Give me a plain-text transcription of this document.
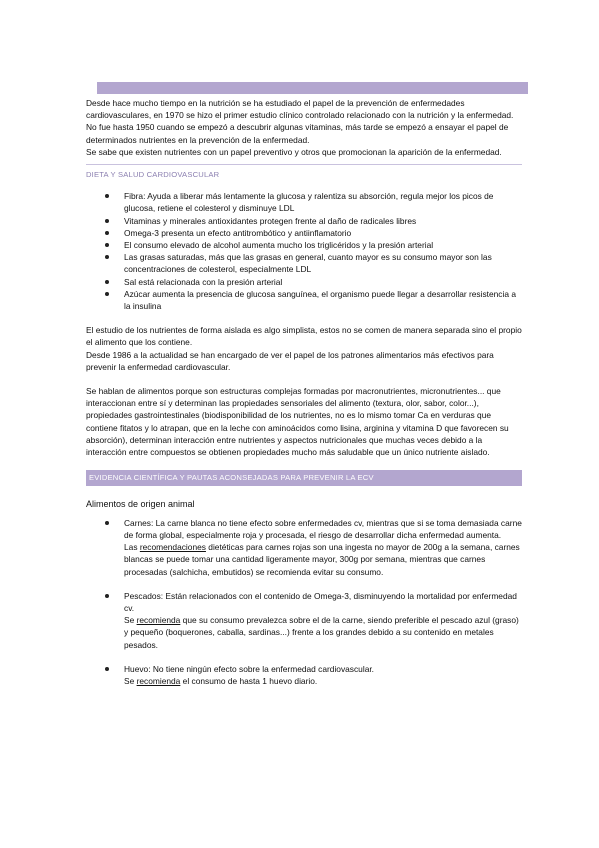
Desde hace mucho tiempo en la nutrición se ha estudiado el papel de la prevención de enfermedades cardiovasculares, en 1970 se hizo el primer estudio clínico controlado relacionado con la nutrición y la enfermedad.

No fue hasta 1950 cuando se empezó a descubrir algunas vitaminas, más tarde se empezó a ensayar el papel de determinados nutrientes en la prevención de la enfermedad.

Se sabe que existen nutrientes con un papel preventivo y otros que promocionan la aparición de la enfermedad.

DIETA Y SALUD CARDIOVASCULAR
Fibra: Ayuda a liberar más lentamente la glucosa y ralentiza su absorción, regula mejor los picos de glucosa, retiene el colesterol y disminuye LDL
Vitaminas y minerales antioxidantes protegen frente al daño de radicales libres
Omega-3 presenta un efecto antitrombótico y antiinflamatorio
El consumo elevado de alcohol aumenta mucho los triglicéridos y la presión arterial
Las grasas saturadas, más que las grasas en general, cuanto mayor es su consumo mayor son las concentraciones de colesterol, especialmente LDL
Sal está relacionada con la presión arterial
Azúcar aumenta la presencia de glucosa sanguínea, el organismo puede llegar a desarrollar resistencia a la insulina

El estudio de los nutrientes de forma aislada es algo simplista, estos no se comen de manera separada sino el propio el alimento que los contiene.

Desde 1986 a la actualidad se han encargado de ver el papel de los patrones alimentarios más efectivos para prevenir la enfermedad cardiovascular.

Se hablan de alimentos porque son estructuras complejas formadas por macronutrientes, micronutrientes... que interaccionan entre sí y determinan las propiedades sensoriales del alimento (textura, olor, sabor, color...), propiedades gastrointestinales (biodisponibilidad de los nutrientes, no es lo mismo tomar Ca en verduras que contiene fitatos y lo atrapan, que en la leche con aminoácidos como lisina, arginina y vitamina D que favorecen su absorción), determinan interacción entre nutrientes y aspectos nutricionales que muchas veces debido a la interacción entre compuestos se obtienen propiedades mucho más saludable que un único nutriente aislado.

EVIDENCIA CIENTÍFICA Y PAUTAS ACONSEJADAS PARA PREVENIR LA ECV
Alimentos de origen animal
Carnes: La carne blanca no tiene efecto sobre enfermedades cv, mientras que si se toma demasiada carne de forma global, especialmente roja y procesada, el riesgo de desarrollar dicha enfermedad aumenta.
Las recomendaciones dietéticas para carnes rojas son una ingesta no mayor de 200g a la semana, carnes blancas se puede tomar una cantidad ligeramente mayor, 300g por semana, mientras que carnes procesadas (salchicha, embutidos) se recomienda evitar su consumo.
Pescados: Están relacionados con el contenido de Omega-3, disminuyendo la mortalidad por enfermedad cv.
Se recomienda que su consumo prevalezca sobre el de la carne, siendo preferible el pescado azul (graso) y pequeño (boquerones, caballa, sardinas...) frente a los grandes debido a su contenido en metales pesados.
Huevo: No tiene ningún efecto sobre la enfermedad cardiovascular.
Se recomienda el consumo de hasta 1 huevo diario.
